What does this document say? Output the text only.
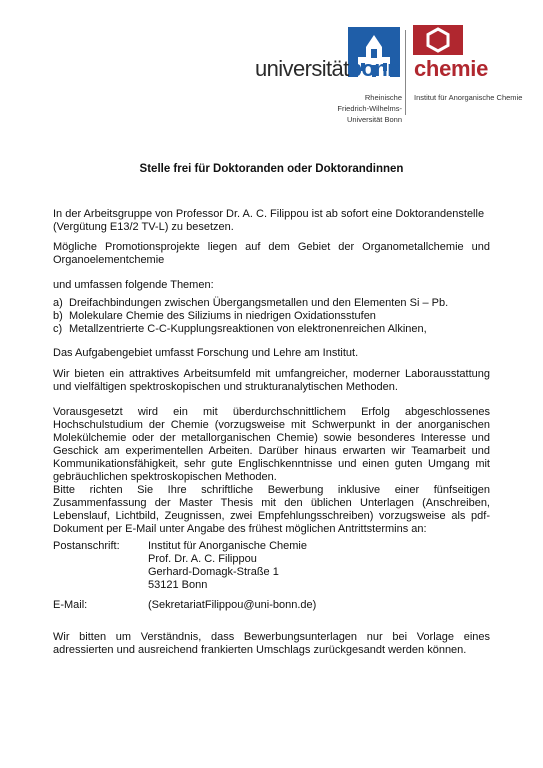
universitätbonn chemie
Rheinische
Friedrich-Wilhelms-
Universität Bonn
Institut für Anorganische Chemie
Stelle frei für Doktoranden oder Doktorandinnen
In der Arbeitsgruppe von Professor Dr. A. C. Filippou ist ab sofort eine Doktorandenstelle (Vergütung E13/2 TV-L) zu besetzen.
Mögliche Promotionsprojekte liegen auf dem Gebiet der Organometallchemie und Organoelementchemie
und umfassen folgende Themen:
a) Dreifachbindungen zwischen Übergangsmetallen und den Elementen Si – Pb.
b) Molekulare Chemie des Siliziums in niedrigen Oxidationsstufen
c) Metallzentrierte C-C-Kupplungsreaktionen von elektronenreichen Alkinen,
Das Aufgabengebiet umfasst Forschung und Lehre am Institut.
Wir bieten ein attraktives Arbeitsumfeld mit umfangreicher, moderner Laborausstattung und vielfältigen spektroskopischen und strukturanalytischen Methoden.
Vorausgesetzt wird ein mit überdurchschnittlichem Erfolg abgeschlossenes Hochschulstudium der Chemie (vorzugsweise mit Schwerpunkt in der anorganischen Molekülchemie oder der metallorganischen Chemie) sowie besonderes Interesse und Geschick am experimentellen Arbeiten. Darüber hinaus erwarten wir Teamarbeit und Kommunikationsfähigkeit, sehr gute Englischkenntnisse und einen guten Umgang mit gebräuchlichen spektroskopischen Methoden.
Bitte richten Sie Ihre schriftliche Bewerbung inklusive einer fünfseitigen Zusammenfassung der Master Thesis mit den üblichen Unterlagen (Anschreiben, Lebenslauf, Lichtbild, Zeugnissen, zwei Empfehlungsschreiben) vorzugsweise als pdf-Dokument per E-Mail unter Angabe des frühest möglichen Antrittstermins an:
Postanschrift:	Institut für Anorganische Chemie
Prof. Dr. A. C. Filippou
Gerhard-Domagk-Straße 1
53121 Bonn
E-Mail:	(SekretariatFilippou@uni-bonn.de)
Wir bitten um Verständnis, dass Bewerbungsunterlagen nur bei Vorlage eines adressierten und ausreichend frankierten Umschlags zurückgesandt werden können.
